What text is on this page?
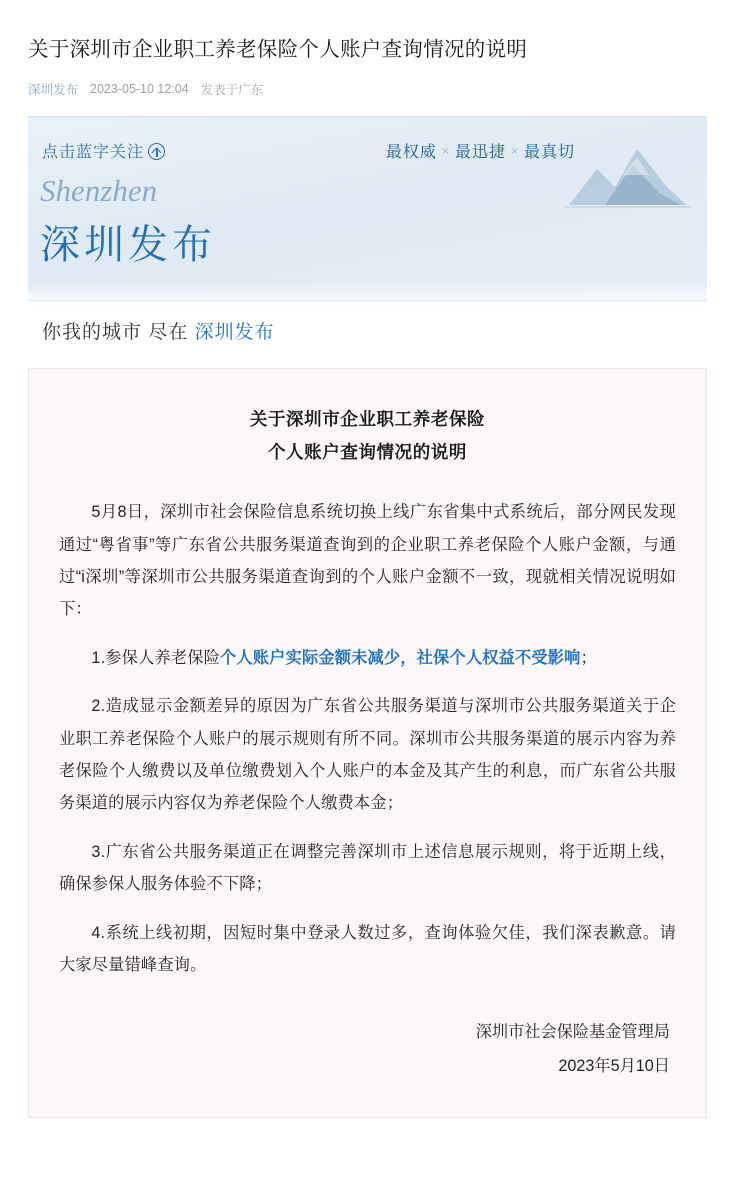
关于深圳市企业职工养老保险个人账户查询情况的说明
深圳发布 2023-05-10 12:04 发表于广东
点击蓝字关注	最权威 × 最迅捷 × 最真切
Shenzhen
深圳发布
你我的城市 尽在 深圳发布
关于深圳市企业职工养老保险
个人账户查询情况的说明

5月8日，深圳市社会保险信息系统切换上线广东省集中式系统后，部分网民发现通过“粤省事”等广东省公共服务渠道查询到的企业职工养老保险个人账户金额，与通过“i深圳”等深圳市公共服务渠道查询到的个人账户金额不一致，现就相关情况说明如下：

1.参保人养老保险个人账户实际金额未减少，社保个人权益不受影响；

2.造成显示金额差异的原因为广东省公共服务渠道与深圳市公共服务渠道关于企业职工养老保险个人账户的展示规则有所不同。深圳市公共服务渠道的展示内容为养老保险个人缴费以及单位缴费划入个人账户的本金及其产生的利息，而广东省公共服务渠道的展示内容仅为养老保险个人缴费本金；

3.广东省公共服务渠道正在调整完善深圳市上述信息展示规则，将于近期上线，确保参保人服务体验不下降；

4.系统上线初期，因短时集中登录人数过多，查询体验欠佳，我们深表歉意。请大家尽量错峰查询。

深圳市社会保险基金管理局
2023年5月10日
